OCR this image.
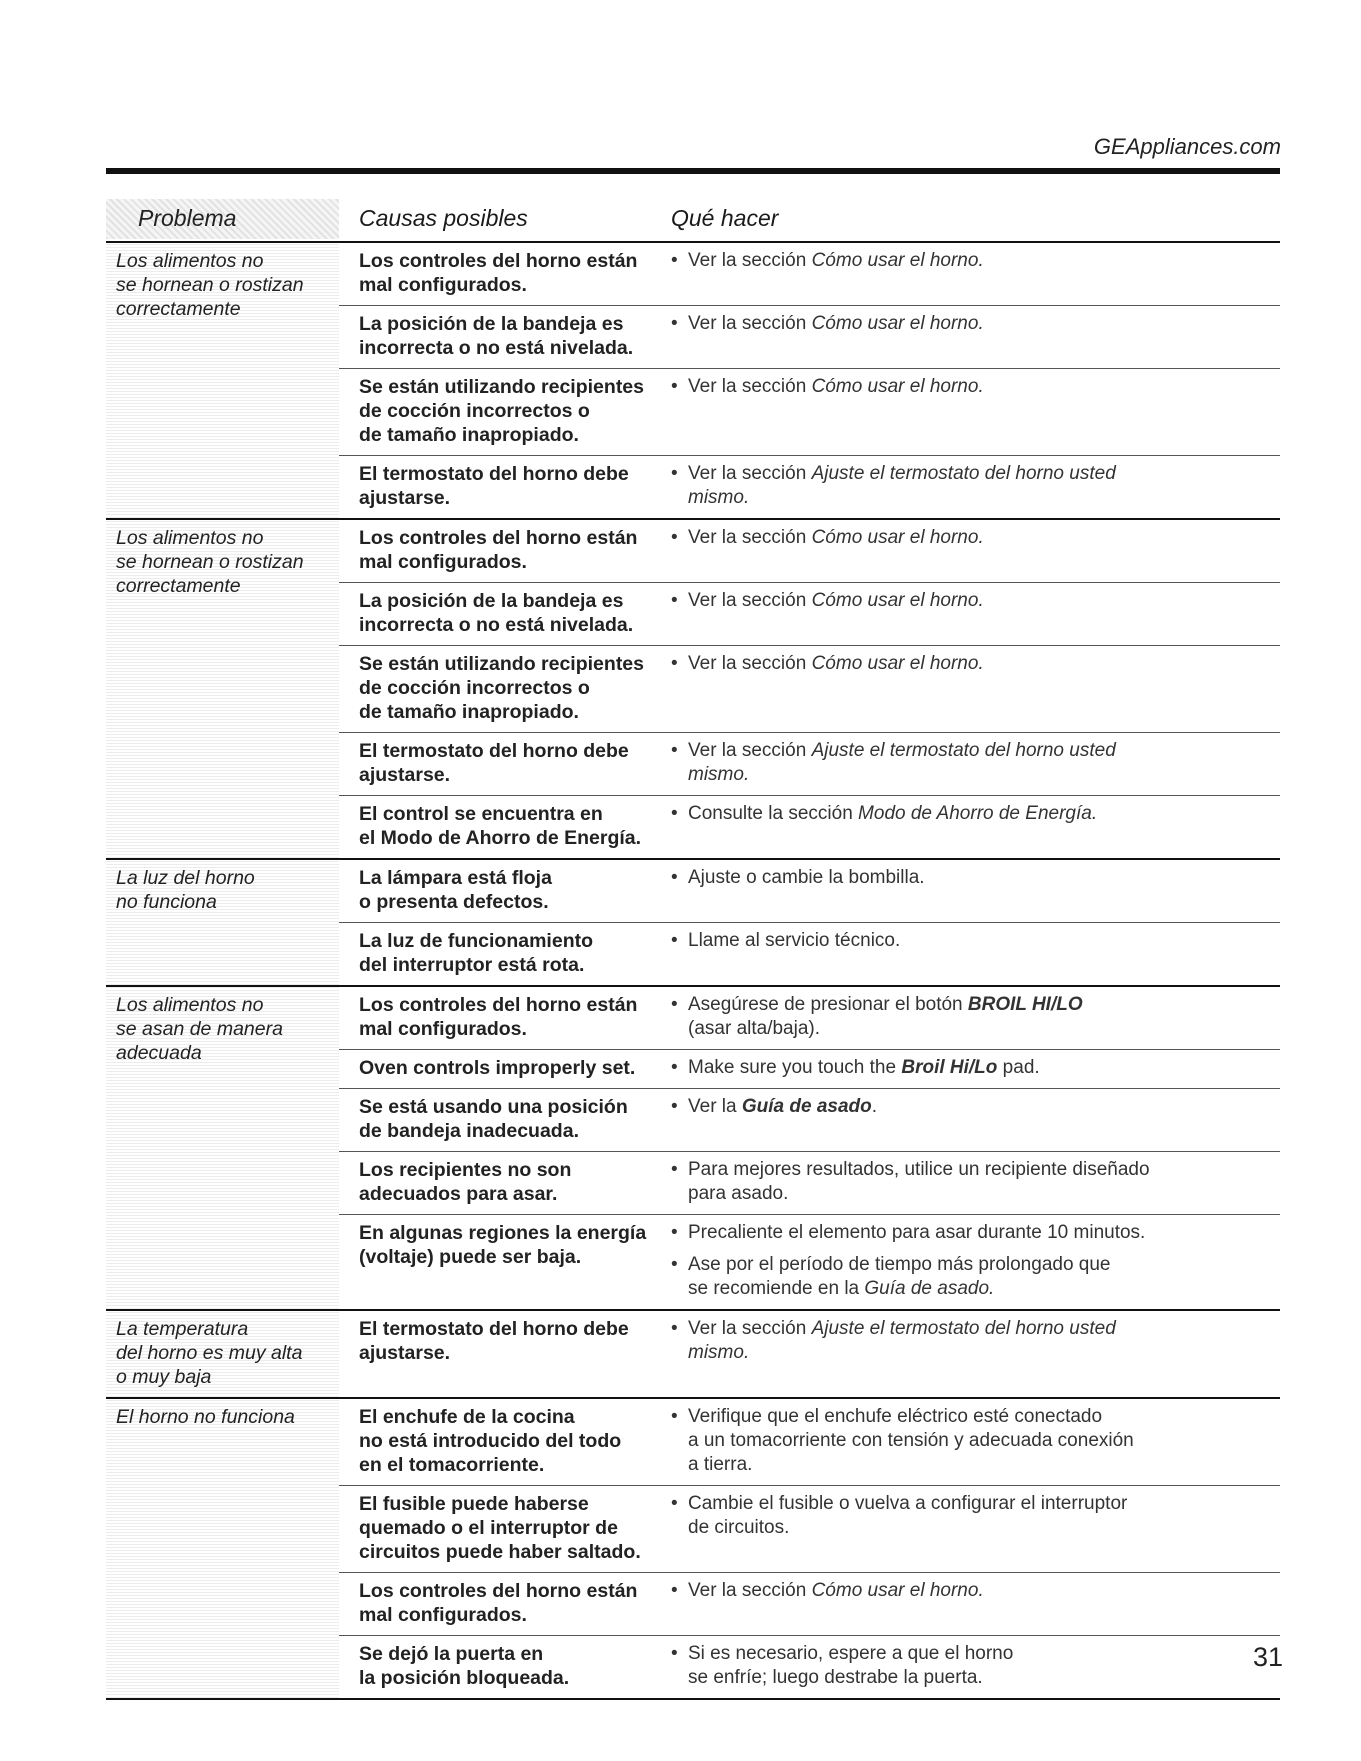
GEAppliances.com
Problema	Causas posibles	Qué hacer
Los alimentos no
se hornean o rostizan
correctamente
Los controles del horno están
mal configurados.
• Ver la sección Cómo usar el horno.
La posición de la bandeja es
incorrecta o no está nivelada.
• Ver la sección Cómo usar el horno.
Se están utilizando recipientes
de cocción incorrectos o
de tamaño inapropiado.
• Ver la sección Cómo usar el horno.
El termostato del horno debe
ajustarse.
• Ver la sección Ajuste el termostato del horno usted
mismo.
Los alimentos no
se hornean o rostizan
correctamente
Los controles del horno están
mal configurados.
• Ver la sección Cómo usar el horno.
La posición de la bandeja es
incorrecta o no está nivelada.
• Ver la sección Cómo usar el horno.
Se están utilizando recipientes
de cocción incorrectos o
de tamaño inapropiado.
• Ver la sección Cómo usar el horno.
El termostato del horno debe
ajustarse.
• Ver la sección Ajuste el termostato del horno usted
mismo.
El control se encuentra en
el Modo de Ahorro de Energía.
• Consulte la sección Modo de Ahorro de Energía.
La luz del horno
no funciona
La lámpara está floja
o presenta defectos.
• Ajuste o cambie la bombilla.
La luz de funcionamiento
del interruptor está rota.
• Llame al servicio técnico.
Los alimentos no
se asan de manera
adecuada
Los controles del horno están
mal configurados.
• Asegúrese de presionar el botón BROIL HI/LO
(asar alta/baja).
Oven controls improperly set.
•	Make sure you touch the Broil Hi/Lo pad.
Se está usando una posición
de bandeja inadecuada.
• Ver la Guía de asado.
Los recipientes no son
adecuados para asar.
• Para mejores resultados, utilice un recipiente diseñado
para asado.
En algunas regiones la energía
(voltaje) puede ser baja.
• Precaliente el elemento para asar durante 10 minutos.
• Ase por el período de tiempo más prolongado que
se recomiende en la Guía de asado.
La temperatura
del horno es muy alta
o muy baja
El termostato del horno debe
ajustarse.
• Ver la sección Ajuste el termostato del horno usted
mismo.
El horno no funciona	El enchufe de la cocina
no está introducido del todo
en el tomacorriente.
• Verifique que el enchufe eléctrico esté conectado
a un tomacorriente con tensión y adecuada conexión
a tierra.
El fusible puede haberse
quemado o el interruptor de
circuitos puede haber saltado.
• Cambie el fusible o vuelva a configurar el interruptor
de circuitos.
Los controles del horno están
mal configurados.
• Ver la sección Cómo usar el horno.
Se dejó la puerta en
la posición bloqueada.
• Si es necesario, espere a que el horno
se enfríe; luego destrabe la puerta.
31
